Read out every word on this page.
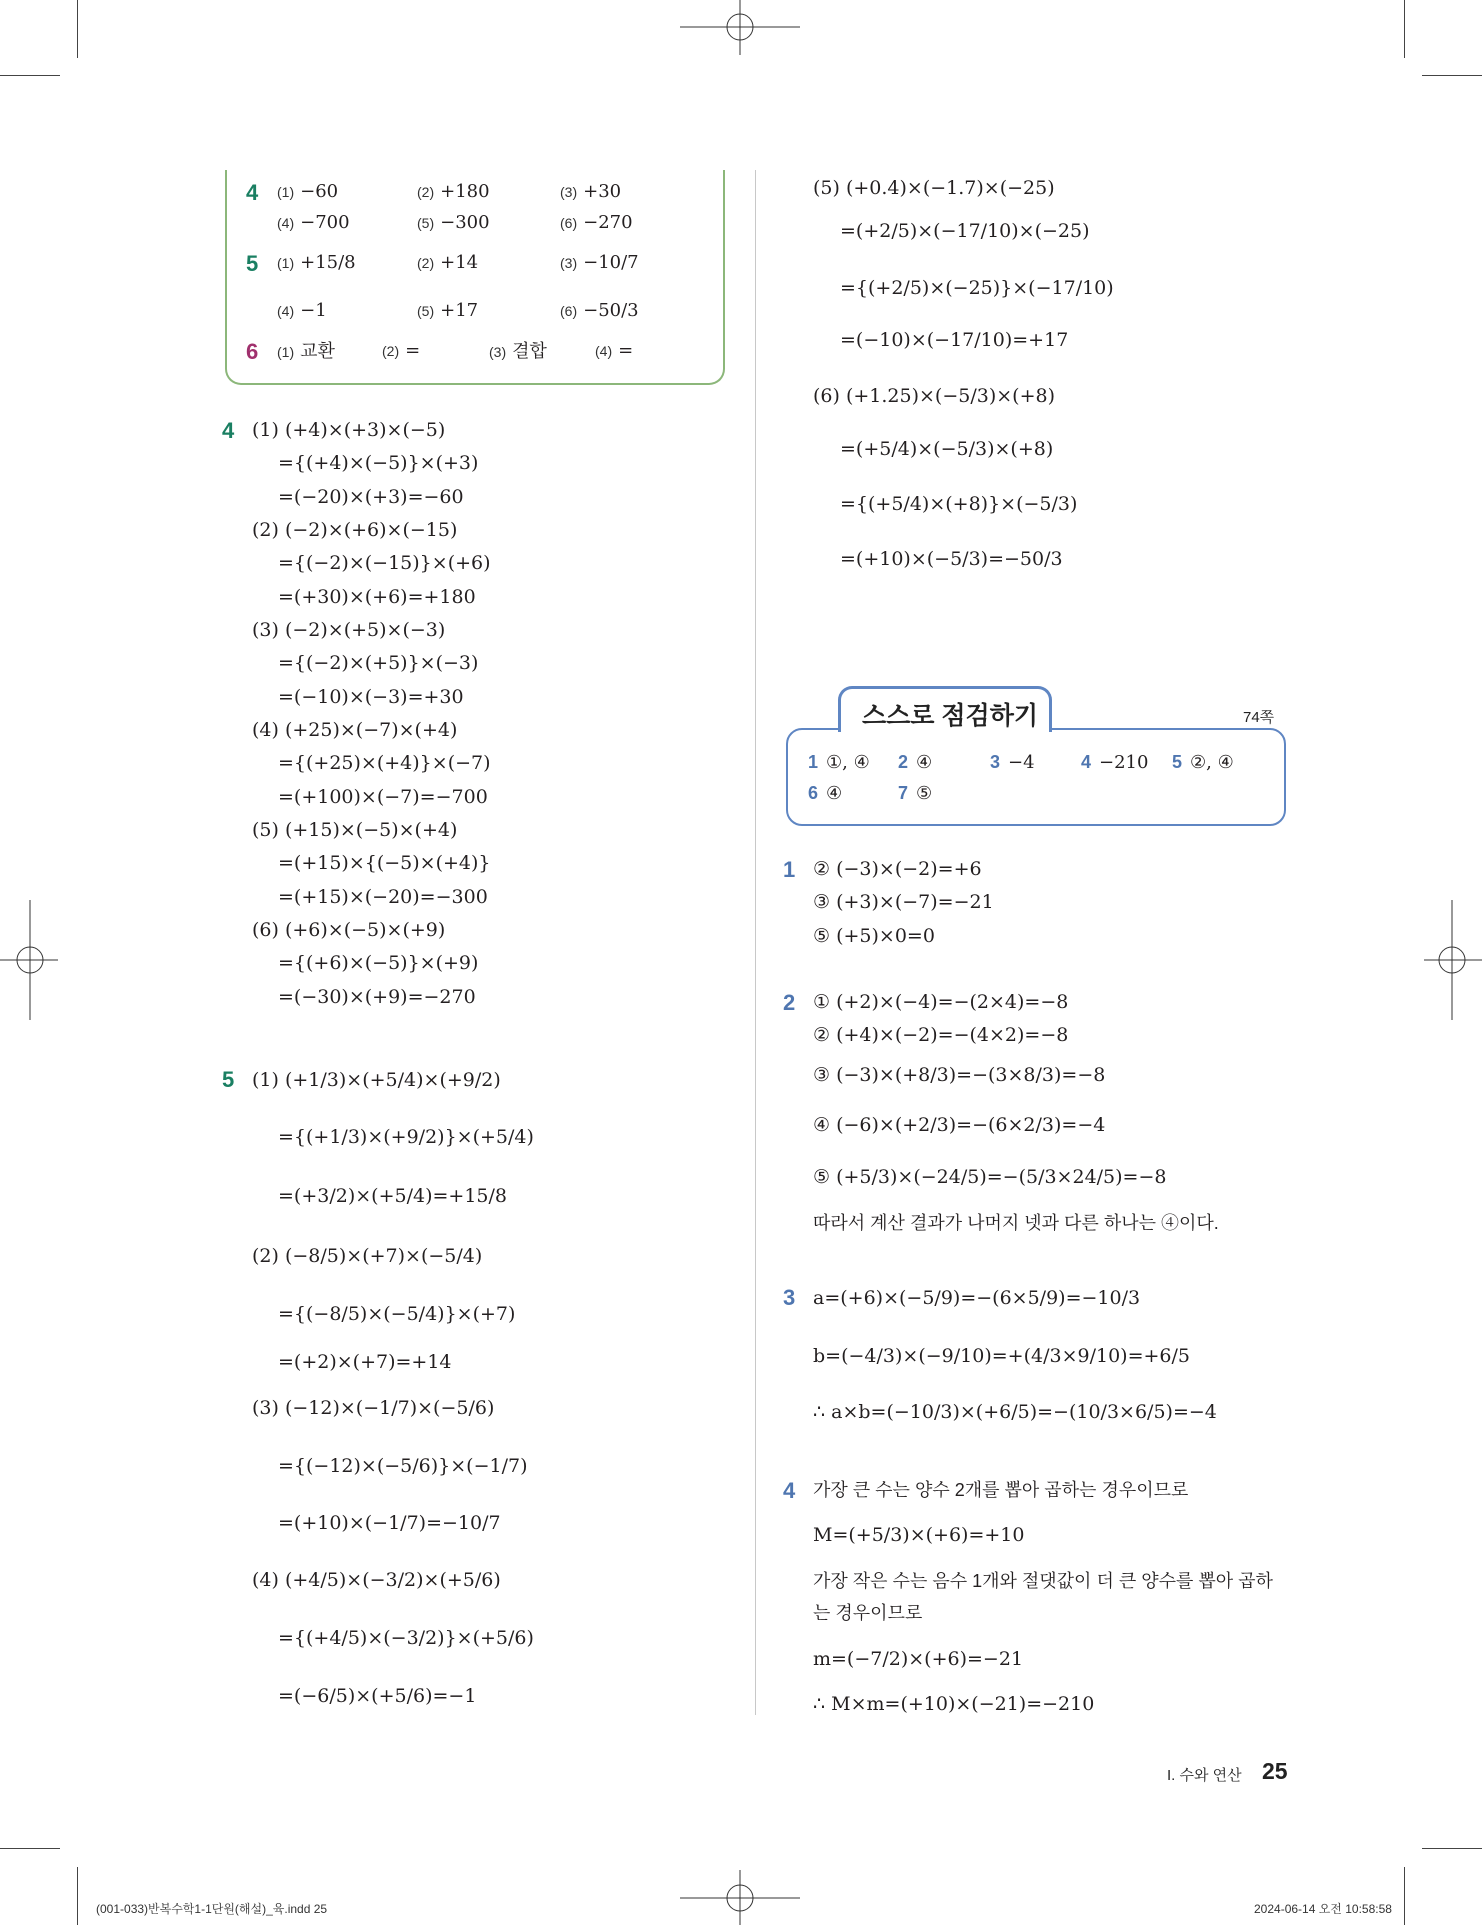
4 (1) −60	(2) +180	(3) +30
(4) −700	(5) −300	(6) −270
5 (1) +15/8	(2) +14	(3) −10/7
(4) −1	(5) +17	(6) −50/3
6 (1) 교환	(2) =	(3) 결합	(4) =
4 (1) (+4)×(+3)×(−5)
={(+4)×(−5)}×(+3)
=(−20)×(+3)=−60
(2) (−2)×(+6)×(−15)
={(−2)×(−15)}×(+6)
=(+30)×(+6)=+180
(3) (−2)×(+5)×(−3)
={(−2)×(+5)}×(−3)
=(−10)×(−3)=+30
(4) (+25)×(−7)×(+4)
={(+25)×(+4)}×(−7)
=(+100)×(−7)=−700
(5) (+15)×(−5)×(+4)
=(+15)×{(−5)×(+4)}
=(+15)×(−20)=−300
(6) (+6)×(−5)×(+9)
={(+6)×(−5)}×(+9)
=(−30)×(+9)=−270
5 (1) (+1/3)×(+5/4)×(+9/2)
={(+1/3)×(+9/2)}×(+5/4)
=(+3/2)×(+5/4)=+15/8
(2) (−8/5)×(+7)×(−5/4)
={(−8/5)×(−5/4)}×(+7)
=(+2)×(+7)=+14
(3) (−12)×(−1/7)×(−5/6)
={(−12)×(−5/6)}×(−1/7)
=(+10)×(−1/7)=−10/7
(4) (+4/5)×(−3/2)×(+5/6)
={(+4/5)×(−3/2)}×(+5/6)
=(−6/5)×(+5/6)=−1
(5) (+0.4)×(−1.7)×(−25)
=(+2/5)×(−17/10)×(−25)
={(+2/5)×(−25)}×(−17/10)
=(−10)×(−17/10)=+17
(6) (+1.25)×(−5/3)×(+8)
=(+5/4)×(−5/3)×(+8)
={(+5/4)×(+8)}×(−5/3)
=(+10)×(−5/3)=−50/3
스스로 점검하기	74쪽
1 ①, ④ 2 ④	3 −4	4 −210 5 ②, ④
6 ④	7 ⑤
1 ② (−3)×(−2)=+6
③ (+3)×(−7)=−21
⑤ (+5)×0=0
2 ① (+2)×(−4)=−(2×4)=−8
② (+4)×(−2)=−(4×2)=−8
③ (−3)×(+8/3)=−(3×8/3)=−8
④ (−6)×(+2/3)=−(6×2/3)=−4
⑤ (+5/3)×(−24/5)=−(5/3×24/5)=−8
따라서 계산 결과가 나머지 넷과 다른 하나는 ④이다.
3 a=(+6)×(−5/9)=−(6×5/9)=−10/3
b=(−4/3)×(−9/10)=+(4/3×9/10)=+6/5
∴ a×b=(−10/3)×(+6/5)=−(10/3×6/5)=−4
4 가장 큰 수는 양수 2개를 뽑아 곱하는 경우이므로
M=(+5/3)×(+6)=+10
가장 작은 수는 음수 1개와 절댓값이 더 큰 양수를 뽑아 곱하
는 경우이므로
m=(−7/2)×(+6)=−21
∴ M×m=(+10)×(−21)=−210
I. 수와 연산 25
(001-033)반복수학1-1단원(해설)_육.indd 25	2024-06-14 오전 10:58:58
